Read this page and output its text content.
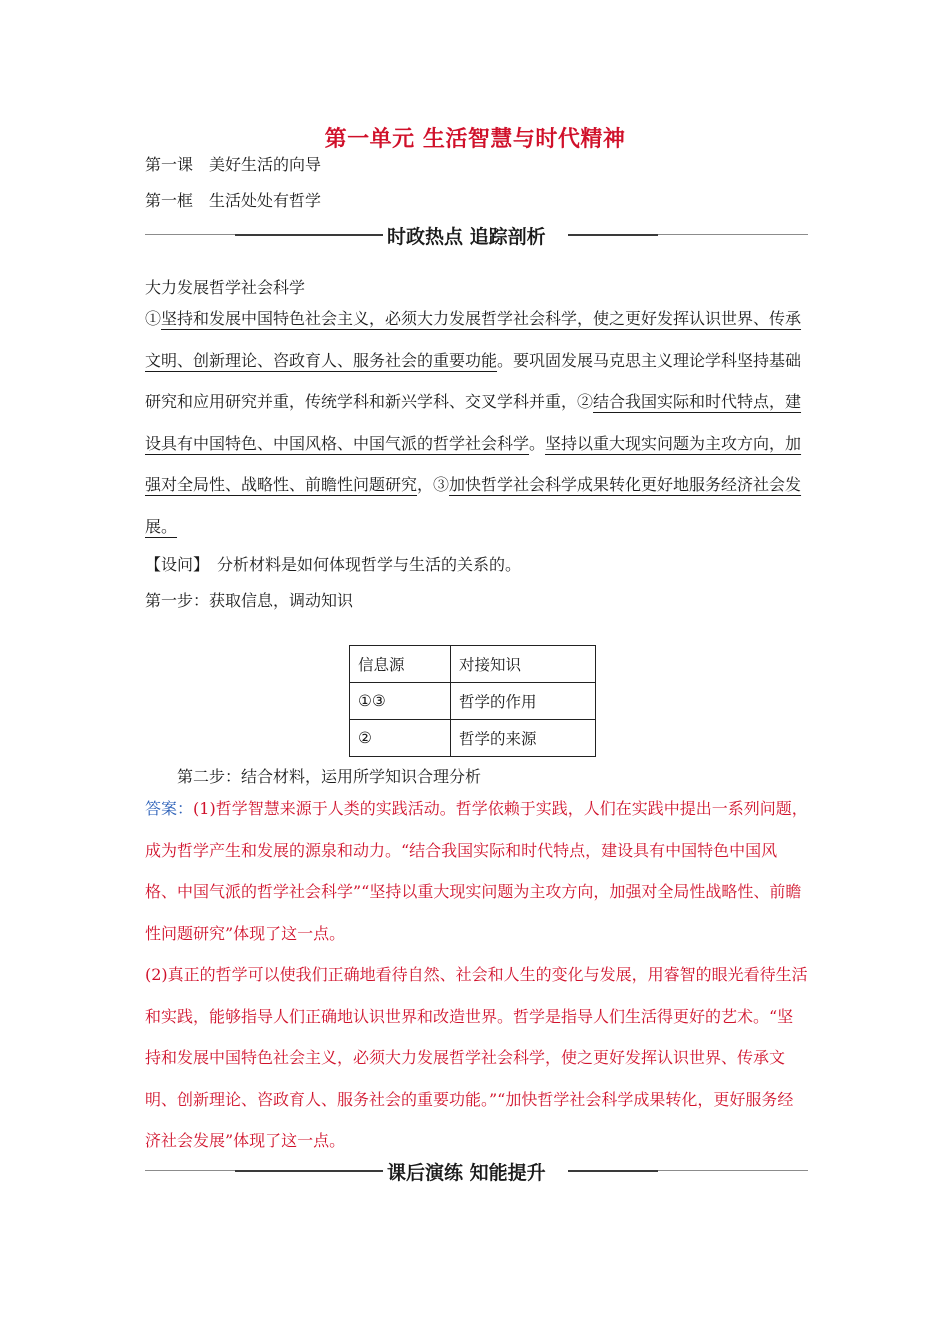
第一单元 生活智慧与时代精神
第一课　美好生活的向导
第一框　生活处处有哲学
时政热点 追踪剖析
大力发展哲学社会科学
①坚持和发展中国特色社会主义，必须大力发展哲学社会科学，使之更好发挥认识世界、传承文明、创新理论、咨政育人、服务社会的重要功能。要巩固发展马克思主义理论学科坚持基础研究和应用研究并重，传统学科和新兴学科、交叉学科并重，②结合我国实际和时代特点，建设具有中国特色、中国风格、中国气派的哲学社会科学。坚持以重大现实问题为主攻方向，加强对全局性、战略性、前瞻性问题研究，③加快哲学社会科学成果转化更好地服务经济社会发展。
【设问】　分析材料是如何体现哲学与生活的关系的。
第一步：获取信息，调动知识
信息源	对接知识
①③	哲学的作用
②	哲学的来源
第二步：结合材料，运用所学知识合理分析
答案：(1)哲学智慧来源于人类的实践活动。哲学依赖于实践，人们在实践中提出一系列问题，成为哲学产生和发展的源泉和动力。“结合我国实际和时代特点，建设具有中国特色中国风格、中国气派的哲学社会科学”“坚持以重大现实问题为主攻方向，加强对全局性战略性、前瞻性问题研究”体现了这一点。
(2)真正的哲学可以使我们正确地看待自然、社会和人生的变化与发展，用睿智的眼光看待生活和实践，能够指导人们正确地认识世界和改造世界。哲学是指导人们生活得更好的艺术。“坚持和发展中国特色社会主义，必须大力发展哲学社会科学，使之更好发挥认识世界、传承文明、创新理论、咨政育人、服务社会的重要功能。”“加快哲学社会科学成果转化，更好服务经济社会发展”体现了这一点。
课后演练 知能提升
